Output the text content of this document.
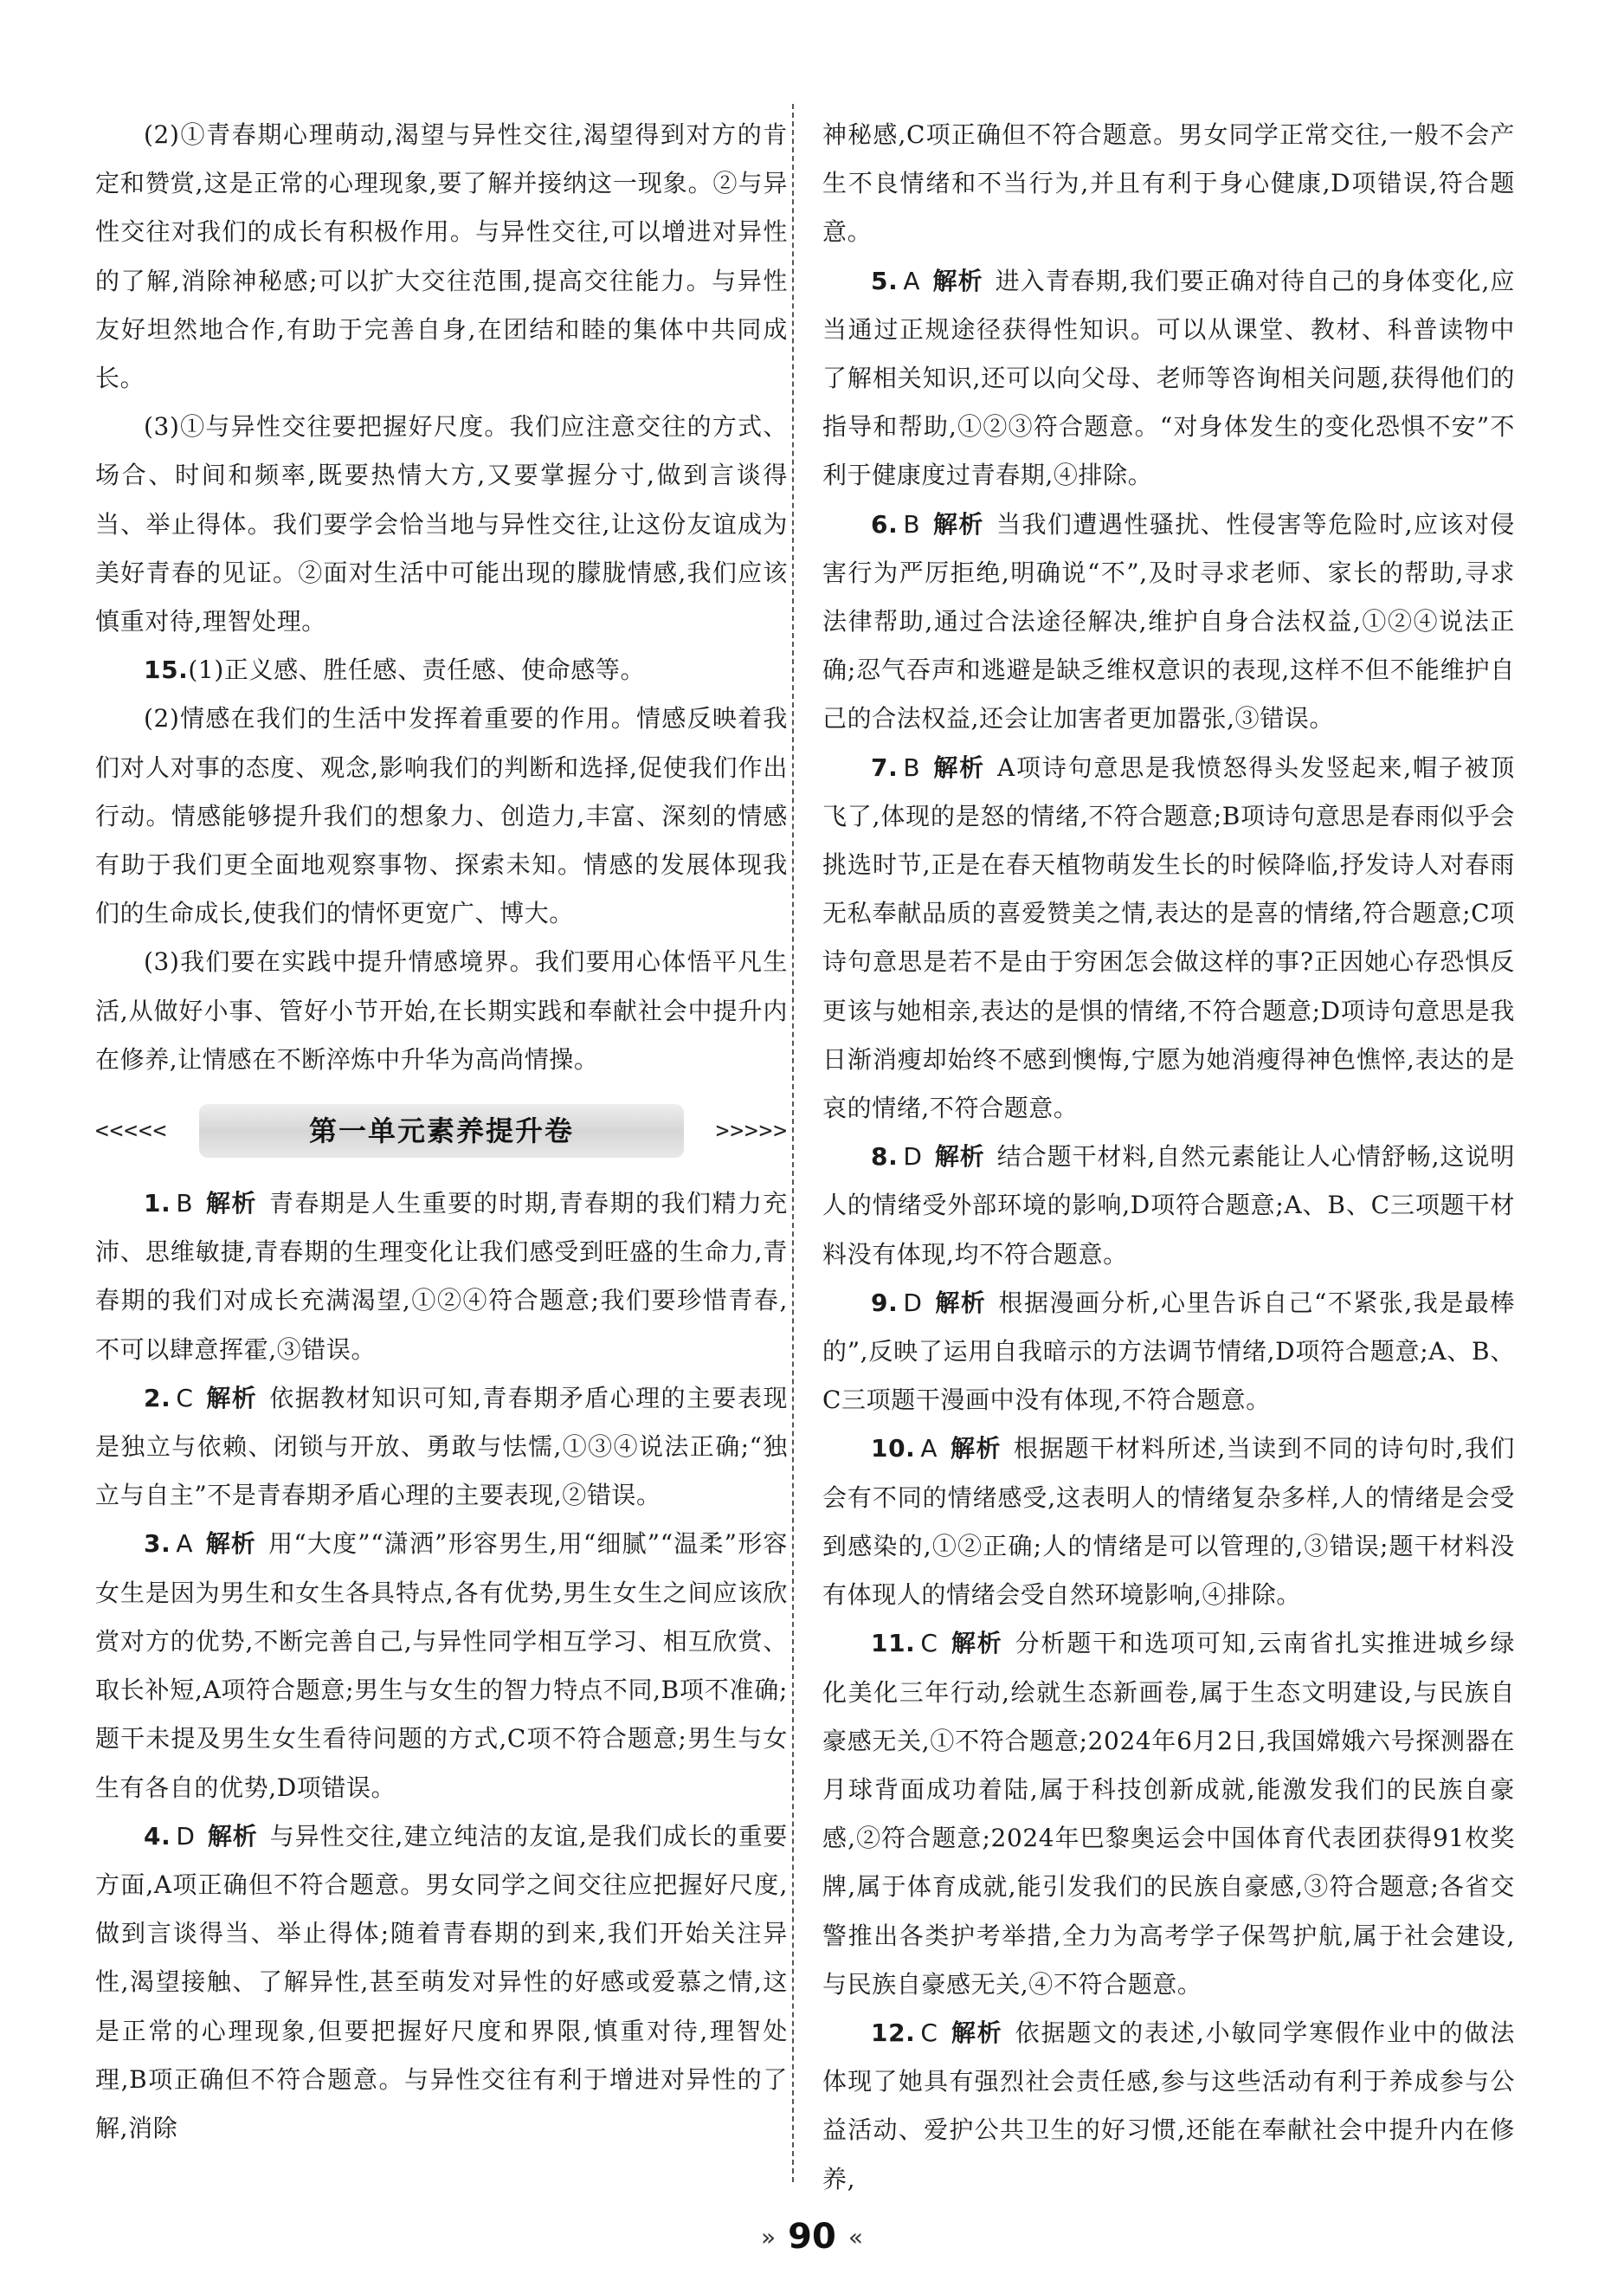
(2)①青春期心理萌动,渴望与异性交往,渴望得到对方的肯定和赞赏,这是正常的心理现象,要了解并接纳这一现象。②与异性交往对我们的成长有积极作用。与异性交往,可以增进对异性的了解,消除神秘感;可以扩大交往范围,提高交往能力。与异性友好坦然地合作,有助于完善自身,在团结和睦的集体中共同成长。

(3)①与异性交往要把握好尺度。我们应注意交往的方式、场合、时间和频率,既要热情大方,又要掌握分寸,做到言谈得当、举止得体。我们要学会恰当地与异性交往,让这份友谊成为美好青春的见证。②面对生活中可能出现的朦胧情感,我们应该慎重对待,理智处理。

15.(1)正义感、胜任感、责任感、使命感等。

(2)情感在我们的生活中发挥着重要的作用。情感反映着我们对人对事的态度、观念,影响我们的判断和选择,促使我们作出行动。情感能够提升我们的想象力、创造力,丰富、深刻的情感有助于我们更全面地观察事物、探索未知。情感的发展体现我们的生命成长,使我们的情怀更宽广、博大。

(3)我们要在实践中提升情感境界。我们要用心体悟平凡生活,从做好小事、管好小节开始,在长期实践和奉献社会中提升内在修养,让情感在不断淬炼中升华为高尚情操。

<<<<<	第一单元素养提升卷	>>>>>

1. B 解析 青春期是人生重要的时期,青春期的我们精力充沛、思维敏捷,青春期的生理变化让我们感受到旺盛的生命力,青春期的我们对成长充满渴望,①②④符合题意;我们要珍惜青春,不可以肆意挥霍,③错误。

2. C 解析 依据教材知识可知,青春期矛盾心理的主要表现是独立与依赖、闭锁与开放、勇敢与怯懦,①③④说法正确;“独立与自主”不是青春期矛盾心理的主要表现,②错误。

3. A 解析 用“大度”“潇洒”形容男生,用“细腻”“温柔”形容女生是因为男生和女生各具特点,各有优势,男生女生之间应该欣赏对方的优势,不断完善自己,与异性同学相互学习、相互欣赏、取长补短,A项符合题意;男生与女生的智力特点不同,B项不准确;题干未提及男生女生看待问题的方式,C项不符合题意;男生与女生有各自的优势,D项错误。

4. D 解析 与异性交往,建立纯洁的友谊,是我们成长的重要方面,A项正确但不符合题意。男女同学之间交往应把握好尺度,做到言谈得当、举止得体;随着青春期的到来,我们开始关注异性,渴望接触、了解异性,甚至萌发对异性的好感或爱慕之情,这是正常的心理现象,但要把握好尺度和界限,慎重对待,理智处理,B项正确但不符合题意。与异性交往有利于增进对异性的了解,消除

神秘感,C项正确但不符合题意。男女同学正常交往,一般不会产生不良情绪和不当行为,并且有利于身心健康,D项错误,符合题意。

5. A 解析 进入青春期,我们要正确对待自己的身体变化,应当通过正规途径获得性知识。可以从课堂、教材、科普读物中了解相关知识,还可以向父母、老师等咨询相关问题,获得他们的指导和帮助,①②③符合题意。“对身体发生的变化恐惧不安”不利于健康度过青春期,④排除。

6. B 解析 当我们遭遇性骚扰、性侵害等危险时,应该对侵害行为严厉拒绝,明确说“不”,及时寻求老师、家长的帮助,寻求法律帮助,通过合法途径解决,维护自身合法权益,①②④说法正确;忍气吞声和逃避是缺乏维权意识的表现,这样不但不能维护自己的合法权益,还会让加害者更加嚣张,③错误。

7. B 解析 A项诗句意思是我愤怒得头发竖起来,帽子被顶飞了,体现的是怒的情绪,不符合题意;B项诗句意思是春雨似乎会挑选时节,正是在春天植物萌发生长的时候降临,抒发诗人对春雨无私奉献品质的喜爱赞美之情,表达的是喜的情绪,符合题意;C项诗句意思是若不是由于穷困怎会做这样的事?正因她心存恐惧反更该与她相亲,表达的是惧的情绪,不符合题意;D项诗句意思是我日渐消瘦却始终不感到懊悔,宁愿为她消瘦得神色憔悴,表达的是哀的情绪,不符合题意。

8. D 解析 结合题干材料,自然元素能让人心情舒畅,这说明人的情绪受外部环境的影响,D项符合题意;A、B、C三项题干材料没有体现,均不符合题意。

9. D 解析 根据漫画分析,心里告诉自己“不紧张,我是最棒的”,反映了运用自我暗示的方法调节情绪,D项符合题意;A、B、C三项题干漫画中没有体现,不符合题意。

10. A 解析 根据题干材料所述,当读到不同的诗句时,我们会有不同的情绪感受,这表明人的情绪复杂多样,人的情绪是会受到感染的,①②正确;人的情绪是可以管理的,③错误;题干材料没有体现人的情绪会受自然环境影响,④排除。

11. C 解析 分析题干和选项可知,云南省扎实推进城乡绿化美化三年行动,绘就生态新画卷,属于生态文明建设,与民族自豪感无关,①不符合题意;2024年6月2日,我国嫦娥六号探测器在月球背面成功着陆,属于科技创新成就,能激发我们的民族自豪感,②符合题意;2024年巴黎奥运会中国体育代表团获得91枚奖牌,属于体育成就,能引发我们的民族自豪感,③符合题意;各省交警推出各类护考举措,全力为高考学子保驾护航,属于社会建设,与民族自豪感无关,④不符合题意。

12. C 解析 依据题文的表述,小敏同学寒假作业中的做法体现了她具有强烈社会责任感,参与这些活动有利于养成参与公益活动、爱护公共卫生的好习惯,还能在奉献社会中提升内在修养,

» 90 «
